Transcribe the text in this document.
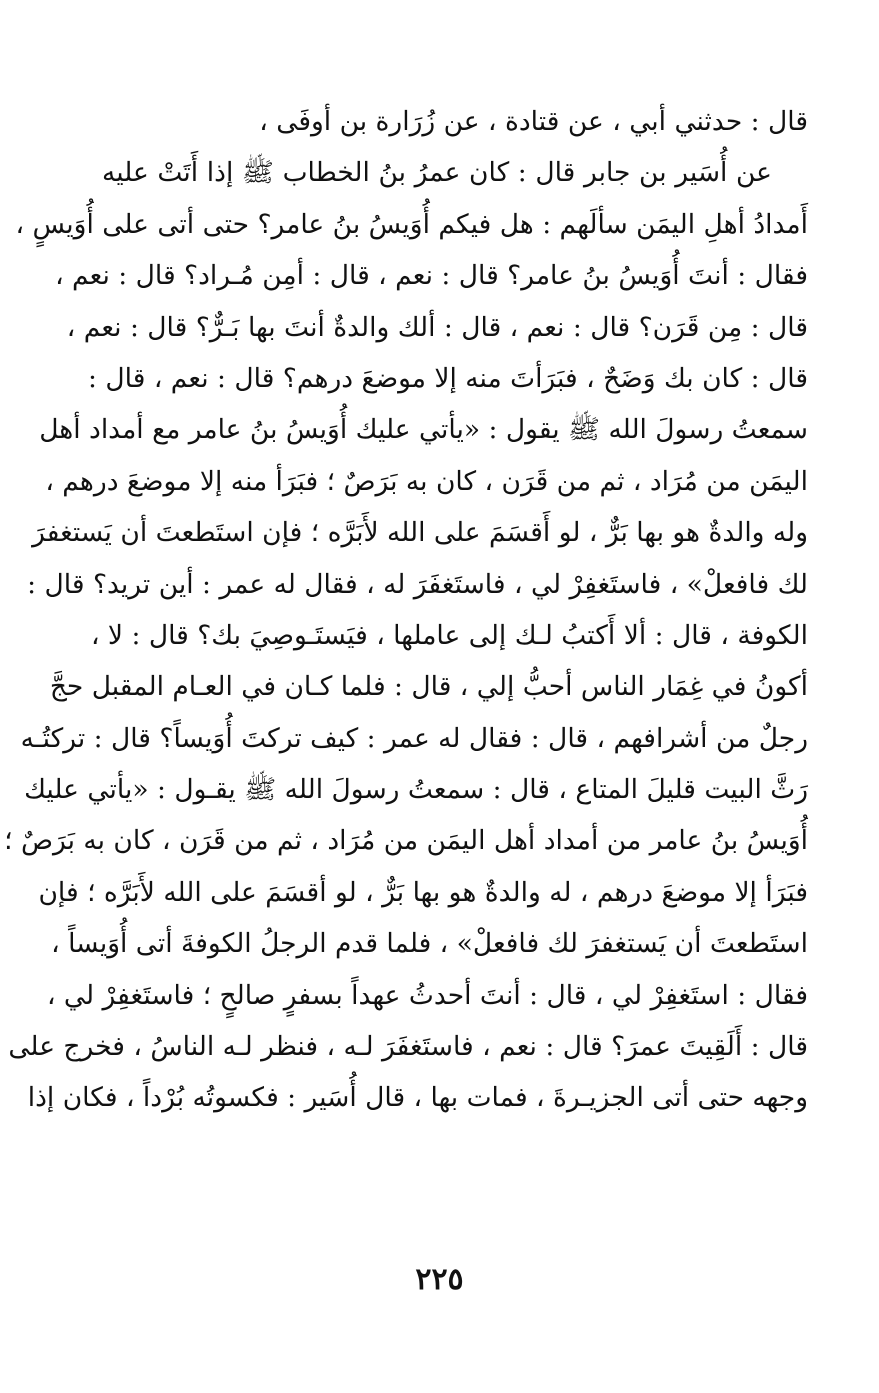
قال : حدثني أبي ، عن قتادة ، عن زُرَارة بن أوفَى ،
عن أُسَير بن جابر قال : كان عمرُ بنُ الخطاب ﷺ إذا أَتَتْ عليه
أَمدادُ أهلِ اليمَن سألَهم : هل فيكم أُوَيسُ بنُ عامر؟ حتى أتى على أُوَيسٍ ،
فقال : أنتَ أُوَيسُ بنُ عامر؟ قال : نعم ، قال : أمِن مُـراد؟ قال : نعم ،
قال : مِن قَرَن؟ قال : نعم ، قال : ألك والدةٌ أنتَ بها بَـرٌّ؟ قال : نعم ،
قال : كان بك وَضَحٌ ، فبَرَأتَ منه إلا موضعَ درهم؟ قال : نعم ، قال :
سمعتُ رسولَ الله ﷺ يقول : «يأتي عليك أُوَيسُ بنُ عامر مع أمداد أهل
اليمَن من مُرَاد ، ثم من قَرَن ، كان به بَرَصٌ ؛ فبَرَأ منه إلا موضعَ درهم ،
وله والدةٌ هو بها بَرٌّ ، لو أَقسَمَ على الله لأَبَرَّه ؛ فإن استَطعتَ أن يَستغفرَ
لك فافعلْ» ، فاستَغفِرْ لي ، فاستَغفَرَ له ، فقال له عمر : أين تريد؟ قال :
الكوفة ، قال : ألا أَكتبُ لـك إلى عاملها ، فيَستَـوصِيَ بك؟ قال : لا ،
أكونُ في غِمَار الناس أحبُّ إلي ، قال : فلما كـان في العـام المقبل حجَّ
رجلٌ من أشرافهم ، قال : فقال له عمر : كيف تركتَ أُوَيساً؟ قال : تركتُـه
رَثَّ البيت قليلَ المتاع ، قال : سمعتُ رسولَ الله ﷺ يقـول : «يأتي عليك
أُوَيسُ بنُ عامر من أمداد أهل اليمَن من مُرَاد ، ثم من قَرَن ، كان به بَرَصٌ ؛
فبَرَأ إلا موضعَ درهم ، له والدةٌ هو بها بَرٌّ ، لو أقسَمَ على الله لأَبَرَّه ؛ فإن
استَطعتَ أن يَستغفرَ لك فافعلْ» ، فلما قدم الرجلُ الكوفةَ أتى أُوَيساً ،
فقال : استَغفِرْ لي ، قال : أنتَ أحدثُ عهداً بسفرٍ صالحٍ ؛ فاستَغفِرْ لي ،
قال : أَلَقِيتَ عمرَ؟ قال : نعم ، فاستَغفَرَ لـه ، فنظر لـه الناسُ ، فخرج على
وجهه حتى أتى الجزيـرةَ ، فمات بها ، قال أُسَير : فكسوتُه بُرْداً ، فكان إذا
٢٢٥
